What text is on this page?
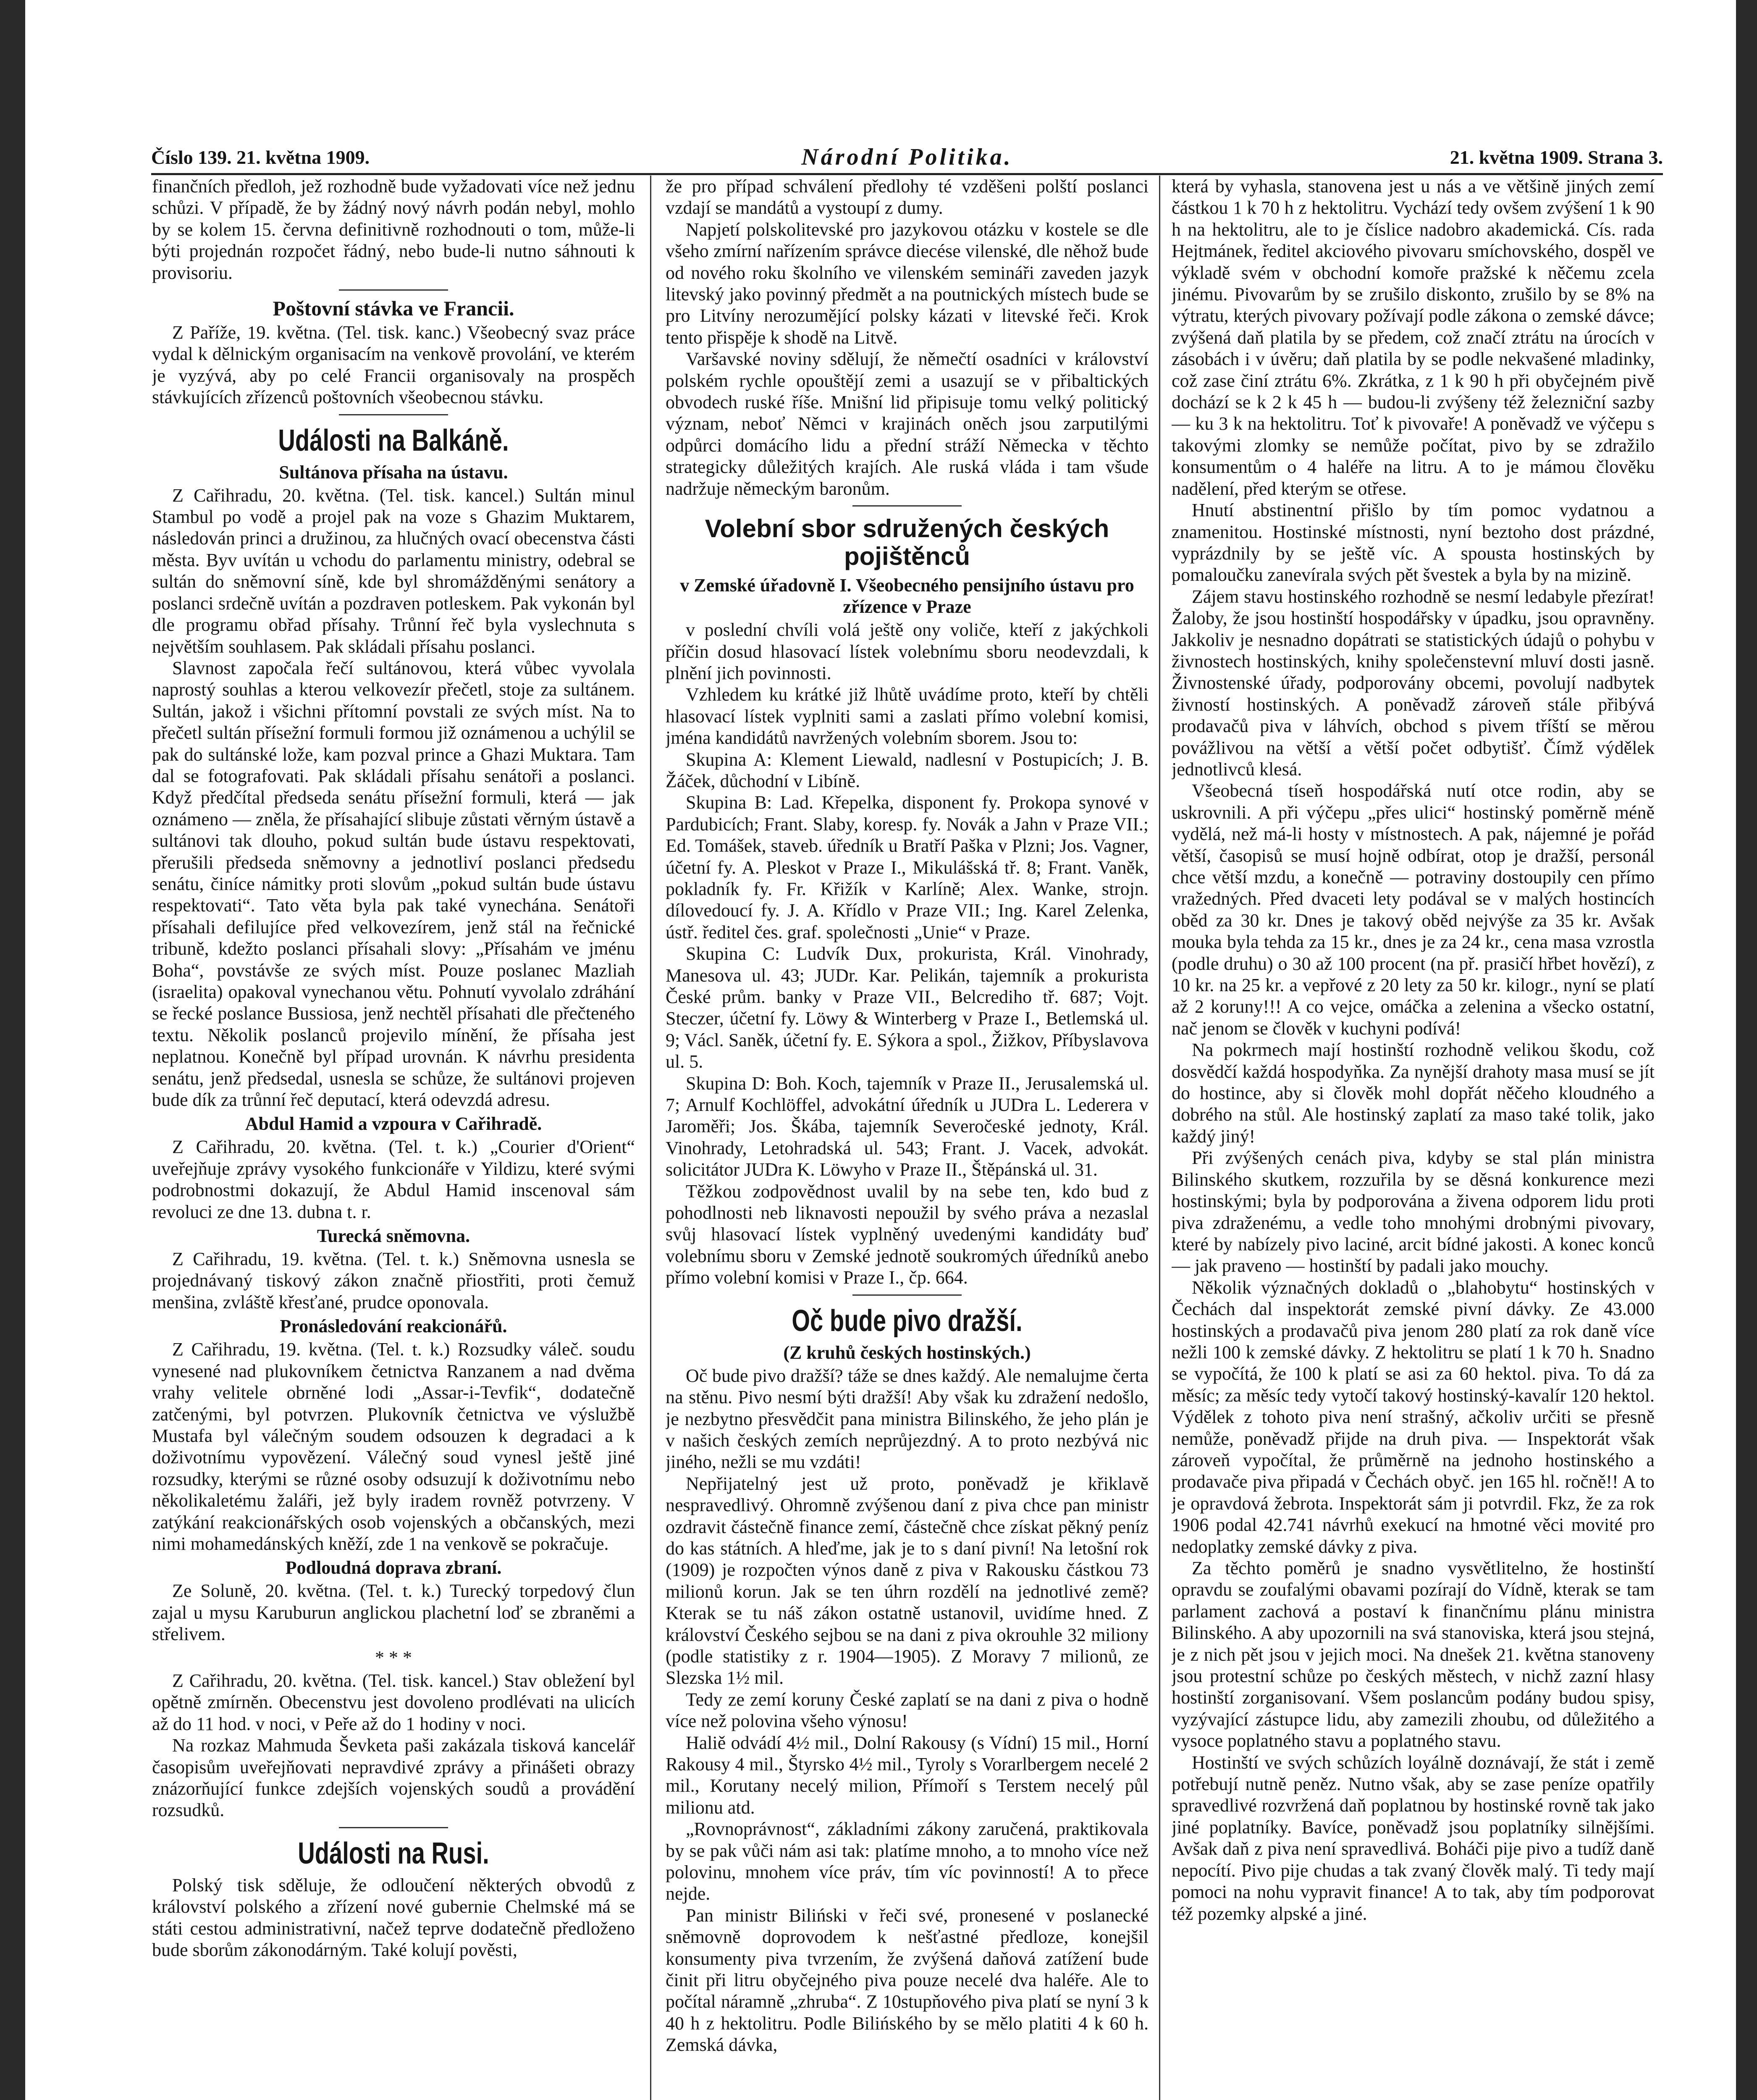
Číslo 139. 21. května 1909.	Národní Politika.	21. května 1909. Strana 3.

finančních předloh, jež rozhodně bude vyžadovati více než jednu schůzi. V případě, že by žádný nový návrh podán nebyl, mohlo by se kolem 15. června definitivně rozhodnouti o tom, může-li býti projednán rozpočet řádný, nebo bude-li nutno sáhnouti k provisoriu.

Poštovní stávka ve Francii.

Z Paříže, 19. května. (Tel. tisk. kanc.) Všeobecný svaz práce vydal k dělnickým organisacím na venkově provolání, ve kterém je vyzývá, aby po celé Francii organisovaly na prospěch stávkujících zřízenců poštovních všeobecnou stávku.

Události na Balkáně.
Sultánova přísaha na ústavu.

Z Cařihradu, 20. května. (Tel. tisk. kancel.) Sultán minul Stambul po vodě a projel pak na voze s Ghazim Muktarem, následován princi a družinou, za hlučných ovací obecenstva části města. Byv uvítán u vchodu do parlamentu ministry, odebral se sultán do sněmovní síně, kde byl shromážděnými senátory a poslanci srdečně uvítán a pozdraven potleskem. Pak vykonán byl dle programu obřad přísahy. Trůnní řeč byla vyslechnuta s největším souhlasem. Pak skládali přísahu poslanci.

Slavnost započala řečí sultánovou, která vůbec vyvolala naprostý souhlas a kterou velkovezír přečetl, stoje za sultánem. Sultán, jakož i všichni přítomní povstali ze svých míst. Na to přečetl sultán přísežní formuli formou již oznámenou a uchýlil se pak do sultánské lože, kam pozval prince a Ghazi Muktara. Tam dal se fotografovati. Pak skládali přísahu senátoři a poslanci. Když předčítal předseda senátu přísežní formuli, která — jak oznámeno — zněla, že přísahající slibuje zůstati věrným ústavě a sultánovi tak dlouho, pokud sultán bude ústavu respektovati, přerušili předseda sněmovny a jednotliví poslanci předsedu senátu, činíce námitky proti slovům „pokud sultán bude ústavu respektovati“. Tato věta byla pak také vynechána. Senátoři přísahali defilujíce před velkovezírem, jenž stál na řečnické tribuně, kdežto poslanci přísahali slovy: „Přísahám ve jménu Boha“, povstávše ze svých míst. Pouze poslanec Mazliah (israelita) opakoval vynechanou větu. Pohnutí vyvolalo zdráhání se řecké poslance Bussiosa, jenž nechtěl přísahati dle přečteného textu. Několik poslanců projevilo mínění, že přísaha jest neplatnou. Konečně byl případ urovnán. K návrhu presidenta senátu, jenž předsedal, usnesla se schůze, že sultánovi projeven bude dík za trůnní řeč deputací, která odevzdá adresu.

Abdul Hamid a vzpoura v Cařihradě.

Z Cařihradu, 20. května. (Tel. t. k.) „Courier d'Orient“ uveřejňuje zprávy vysokého funkcionáře v Yildizu, které svými podrobnostmi dokazují, že Abdul Hamid inscenoval sám revoluci ze dne 13. dubna t. r.

Turecká sněmovna.

Z Cařihradu, 19. května. (Tel. t. k.) Sněmovna usnesla se projednávaný tiskový zákon značně přiostřiti, proti čemuž menšina, zvláště křesťané, prudce oponovala.

Pronásledování reakcionářů.

Z Cařihradu, 19. května. (Tel. t. k.) Rozsudky váleč. soudu vynesené nad plukovníkem četnictva Ranzanem a nad dvěma vrahy velitele obrněné lodi „Assar-i-Tevfik“, dodatečně zatčenými, byl potvrzen. Plukovník četnictva ve výslužbě Mustafa byl válečným soudem odsouzen k degradaci a k doživotnímu vypovězení. Válečný soud vynesl ještě jiné rozsudky, kterými se různé osoby odsuzují k doživotnímu nebo několikaletému žaláři, jež byly iradem rovněž potvrzeny. V zatýkání reakcionářských osob vojenských a občanských, mezi nimi mohamedánských kněží, zde 1 na venkově se pokračuje.

Podloudná doprava zbraní.

Ze Soluně, 20. května. (Tel. t. k.) Turecký torpedový člun zajal u mysu Karuburun anglickou plachetní loď se zbraněmi a střelivem.

* * *

Z Cařihradu, 20. května. (Tel. tisk. kancel.) Stav obležení byl opětně zmírněn. Obecenstvu jest dovoleno prodlévati na ulicích až do 11 hod. v noci, v Peře až do 1 hodiny v noci.

Na rozkaz Mahmuda Ševketa paši zakázala tisková kancelář časopisům uveřejňovati nepravdivé zprávy a přinášeti obrazy znázorňující funkce zdejších vojenských soudů a provádění rozsudků.

Události na Rusi.

Polský tisk sděluje, že odloučení některých obvodů z království polského a zřízení nové gubernie Chelmské má se státi cestou administrativní, načež teprve dodatečně předloženo bude sborům zákonodárným. Také kolují pověsti,

že pro případ schválení předlohy té vzděšeni polští poslanci vzdají se mandátů a vystoupí z dumy.

Napjetí polskolitevské pro jazykovou otázku v kostele se dle všeho zmírní nařízením správce diecése vilenské, dle něhož bude od nového roku školního ve vilenském semináři zaveden jazyk litevský jako povinný předmět a na poutnických místech bude se pro Litvíny nerozumějící polsky kázati v litevské řeči. Krok tento přispěje k shodě na Litvě.

Varšavské noviny sdělují, že němečtí osadníci v království polském rychle opouštějí zemi a usazují se v přibaltických obvodech ruské říše. Mnišní lid připisuje tomu velký politický význam, neboť Němci v krajinách oněch jsou zarputilými odpůrci domácího lidu a přední stráží Německa v těchto strategicky důležitých krajích. Ale ruská vláda i tam všude nadržuje německým baronům.

Volební sbor sdružených českých pojištěnců
v Zemské úřadovně I. Všeobecného pensijního ústavu pro zřízence v Praze

v poslední chvíli volá ještě ony voliče, kteří z jakýchkoli příčin dosud hlasovací lístek volebnímu sboru neodevzdali, k plnění jich povinnosti.

Vzhledem ku krátké již lhůtě uvádíme proto, kteří by chtěli hlasovací lístek vyplniti sami a zaslati přímo volební komisi, jména kandidátů navržených volebním sborem. Jsou to:

Skupina A: Klement Liewald, nadlesní v Postupicích; J. B. Žáček, důchodní v Libíně.

Skupina B: Lad. Křepelka, disponent fy. Prokopa synové v Pardubicích; Frant. Slaby, koresp. fy. Novák a Jahn v Praze VII.; Ed. Tomášek, staveb. úředník u Bratří Paška v Plzni; Jos. Vagner, účetní fy. A. Pleskot v Praze I., Mikulášská tř. 8; Frant. Vaněk, pokladník fy. Fr. Křižík v Karlíně; Alex. Wanke, strojn. dílovedoucí fy. J. A. Křídlo v Praze VII.; Ing. Karel Zelenka, ústř. ředitel čes. graf. společnosti „Unie“ v Praze.

Skupina C: Ludvík Dux, prokurista, Král. Vinohrady, Manesova ul. 43; JUDr. Kar. Pelikán, tajemník a prokurista České prům. banky v Praze VII., Belcrediho tř. 687; Vojt. Steczer, účetní fy. Löwy & Winterberg v Praze I., Betlemská ul. 9; Václ. Saněk, účetní fy. E. Sýkora a spol., Žižkov, Příbyslavova ul. 5.

Skupina D: Boh. Koch, tajemník v Praze II., Jerusalemská ul. 7; Arnulf Kochlöffel, advokátní úředník u JUDra L. Lederera v Jaroměři; Jos. Škába, tajemník Severočeské jednoty, Král. Vinohrady, Letohradská ul. 543; Frant. J. Vacek, advokát. solicitátor JUDra K. Löwyho v Praze II., Štěpánská ul. 31.

Těžkou zodpovědnost uvalil by na sebe ten, kdo bud z pohodlnosti neb liknavosti nepoužil by svého práva a nezaslal svůj hlasovací lístek vyplněný uvedenými kandidáty buď volebnímu sboru v Zemské jednotě soukromých úředníků anebo přímo volební komisi v Praze I., čp. 664.

Oč bude pivo dražší.
(Z kruhů českých hostinských.)

Oč bude pivo dražší? táže se dnes každý. Ale nemalujme čerta na stěnu. Pivo nesmí býti dražší! Aby však ku zdražení nedošlo, je nezbytno přesvědčit pana ministra Bilinského, že jeho plán je v našich českých zemích neprůjezdný. A to proto nezbývá nic jiného, nežli se mu vzdáti!

Nepřijatelný jest už proto, poněvadž je křiklavě nespravedlivý. Ohromně zvýšenou daní z piva chce pan ministr ozdravit částečně finance zemí, částečně chce získat pěkný peníz do kas státních. A hleďme, jak je to s daní pivní! Na letošní rok (1909) je rozpočten výnos daně z piva v Rakousku částkou 73 milionů korun. Jak se ten úhrn rozdělí na jednotlivé země? Kterak se tu náš zákon ostatně ustanovil, uvidíme hned. Z království Českého sejbou se na dani z piva okrouhle 32 miliony (podle statistiky z r. 1904—1905). Z Moravy 7 milionů, ze Slezska 1½ mil.

Tedy ze zemí koruny České zaplatí se na dani z piva o hodně více než polovina všeho výnosu!

Haliě odvádí 4½ mil., Dolní Rakousy (s Vídní) 15 mil., Horní Rakousy 4 mil., Štyrsko 4½ mil., Tyroly s Vorarlbergem necelé 2 mil., Korutany necelý milion, Přímoří s Terstem necelý půl milionu atd.

„Rovnoprávnost“, základními zákony zaručená, praktikovala by se pak vůči nám asi tak: platíme mnoho, a to mnoho více než polovinu, mnohem více práv, tím víc povinností! A to přece nejde.

Pan ministr Biliński v řeči své, pronesené v poslanecké sněmovně doprovodem k nešťastné předloze, konejšil konsumenty piva tvrzením, že zvýšená daňová zatížení bude činit při litru obyčejného piva pouze necelé dva haléře. Ale to počítal náramně „zhruba“. Z 10stupňového piva platí se nyní 3 k 40 h z hektolitru. Podle Bilińského by se mělo platiti 4 k 60 h. Zemská dávka,

která by vyhasla, stanovena jest u nás a ve většině jiných zemí částkou 1 k 70 h z hektolitru. Vychází tedy ovšem zvýšení 1 k 90 h na hektolitru, ale to je číslice nadobro akademická. Cís. rada Hejtmánek, ředitel akciového pivovaru smíchovského, dospěl ve výkladě svém v obchodní komoře pražské k něčemu zcela jinému. Pivovarům by se zrušilo diskonto, zrušilo by se 8% na výtratu, kterých pivovary požívají podle zákona o zemské dávce; zvýšená daň platila by se předem, což značí ztrátu na úrocích v zásobách i v úvěru; daň platila by se podle nekvašené mladinky, což zase činí ztrátu 6%. Zkrátka, z 1 k 90 h při obyčejném pivě dochází se k 2 k 45 h — budou-li zvýšeny též železniční sazby — ku 3 k na hektolitru. Toť k pivovaře! A poněvadž ve výčepu s takovými zlomky se nemůže počítat, pivo by se zdražilo konsumentům o 4 haléře na litru. A to je mámou člověku nadělení, před kterým se otřese.

Hnutí abstinentní přišlo by tím pomoc vydatnou a znamenitou. Hostinské místnosti, nyní beztoho dost prázdné, vyprázdnily by se ještě víc. A spousta hostinských by pomaloučku zanevírala svých pět švestek a byla by na mizině.

Zájem stavu hostinského rozhodně se nesmí ledabyle přezírat! Žaloby, že jsou hostinští hospodářsky v úpadku, jsou opravněny. Jakkoliv je nesnadno dopátrati se statistických údajů o pohybu v živnostech hostinských, knihy společenstevní mluví dosti jasně. Živnostenské úřady, podporovány obcemi, povolují nadbytek živností hostinských. A poněvadž zároveň stále přibývá prodavačů piva v láhvích, obchod s pivem tříští se měrou povážlivou na větší a větší počet odbytišť. Čímž výdělek jednotlivců klesá.

Všeobecná tíseň hospodářská nutí otce rodin, aby se uskrovnili. A při výčepu „přes ulici“ hostinský poměrně méně vydělá, než má-li hosty v místnostech. A pak, nájemné je pořád větší, časopisů se musí hojně odbírat, otop je dražší, personál chce větší mzdu, a konečně — potraviny dostoupily cen přímo vražedných. Před dvaceti lety podával se v malých hostincích oběd za 30 kr. Dnes je takový oběd nejvýše za 35 kr. Avšak mouka byla tehda za 15 kr., dnes je za 24 kr., cena masa vzrostla (podle druhu) o 30 až 100 procent (na př. prasičí hřbet hovězí), z 10 kr. na 25 kr. a vepřové z 20 lety za 50 kr. kilogr., nyní se platí až 2 koruny!!! A co vejce, omáčka a zelenina a všecko ostatní, nač jenom se člověk v kuchyni podívá!

Na pokrmech mají hostinští rozhodně velikou škodu, což dosvědčí každá hospodyňka. Za nynější drahoty masa musí se jít do hostince, aby si člověk mohl dopřát něčeho kloudného a dobrého na stůl. Ale hostinský zaplatí za maso také tolik, jako každý jiný!

Při zvýšených cenách piva, kdyby se stal plán ministra Bilinského skutkem, rozzuřila by se děsná konkurence mezi hostinskými; byla by podporována a živena odporem lidu proti piva zdraženému, a vedle toho mnohými drobnými pivovary, které by nabízely pivo laciné, arcit bídné jakosti. A konec konců — jak praveno — hostinští by padali jako mouchy.

Několik význačných dokladů o „blahobytu“ hostinských v Čechách dal inspektorát zemské pivní dávky. Ze 43.000 hostinských a prodavačů piva jenom 280 platí za rok daně více nežli 100 k zemské dávky. Z hektolitru se platí 1 k 70 h. Snadno se vypočítá, že 100 k platí se asi za 60 hektol. piva. To dá za měsíc; za měsíc tedy vytočí takový hostinský-kavalír 120 hektol. Výdělek z tohoto piva není strašný, ačkoliv určiti se přesně nemůže, poněvadž přijde na druh piva. — Inspektorát však zároveň vypočítal, že průměrně na jednoho hostinského a prodavače piva připadá v Čechách obyč. jen 165 hl. ročně!! A to je opravdová žebrota. Inspektorát sám ji potvrdil. Fkz, že za rok 1906 podal 42.741 návrhů exekucí na hmotné věci movité pro nedoplatky zemské dávky z piva.

Za těchto poměrů je snadno vysvětlitelno, že hostinští opravdu se zoufalými obavami pozírají do Vídně, kterak se tam parlament zachová a postaví k finančnímu plánu ministra Bilinského. A aby upozornili na svá stanoviska, která jsou stejná, je z nich pět jsou v jejich moci. Na dnešek 21. května stanoveny jsou protestní schůze po českých městech, v nichž zazní hlasy hostinští zorganisovaní. Všem poslancům podány budou spisy, vyzývající zástupce lidu, aby zamezili zhoubu, od důležitého a vysoce poplatného stavu a poplatného stavu.

Hostinští ve svých schůzích loyálně doznávají, že stát i země potřebují nutně peněz. Nutno však, aby se zase peníze opatřily spravedlivé rozvržená daň poplatnou by hostinské rovně tak jako jiné poplatníky. Bavíce, poněvadž jsou poplatníky silnějšími. Avšak daň z piva není spravedlivá. Boháči pije pivo a tudíž daně nepocítí. Pivo pije chudas a tak zvaný člověk malý. Ti tedy mají pomoci na nohu vypravit finance! A to tak, aby tím podporovat též pozemky alpské a jiné.
